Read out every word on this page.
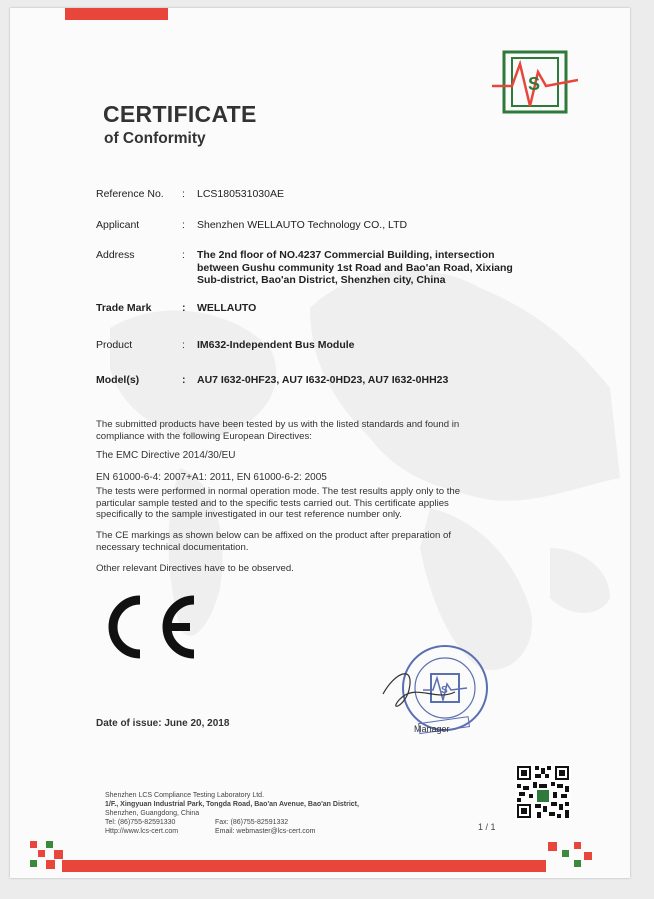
S
CERTIFICATE
of Conformity
Reference No. : LCS180531030AE
Applicant	: Shenzhen WELLAUTO Technology CO., LTD
Address	: The 2nd floor of NO.4237 Commercial Building, intersection between Gushu community 1st Road and Bao'an Road, Xixiang Sub-district, Bao'an District, Shenzhen city, China
Trade Mark	: WELLAUTO
Product	: IM632-Independent Bus Module
Model(s)	: AU7 I632-0HF23, AU7 I632-0HD23, AU7 I632-0HH23

The submitted products have been tested by us with the listed standards and found in compliance with the following European Directives:

The EMC Directive 2014/30/EU

EN 61000-6-4: 2007+A1: 2011, EN 61000-6-2: 2005

The tests were performed in normal operation mode. The test results apply only to the particular sample tested and to the specific tests carried out. This certificate applies specifically to the sample investigated in our test reference number only.

The CE markings as shown below can be affixed on the product after preparation of necessary technical documentation.

Other relevant Directives have to be observed.

S
Manager
Date of issue: June 20, 2018
Shenzhen LCS Compliance Testing Laboratory Ltd.
1/F., Xingyuan Industrial Park, Tongda Road, Bao'an Avenue, Bao'an District,
Shenzhen, Guangdong, China
Tel: (86)755-82591330	Fax: (86)755-82591332
Http://www.lcs-cert.com	Email: webmaster@lcs-cert.com	1 / 1
